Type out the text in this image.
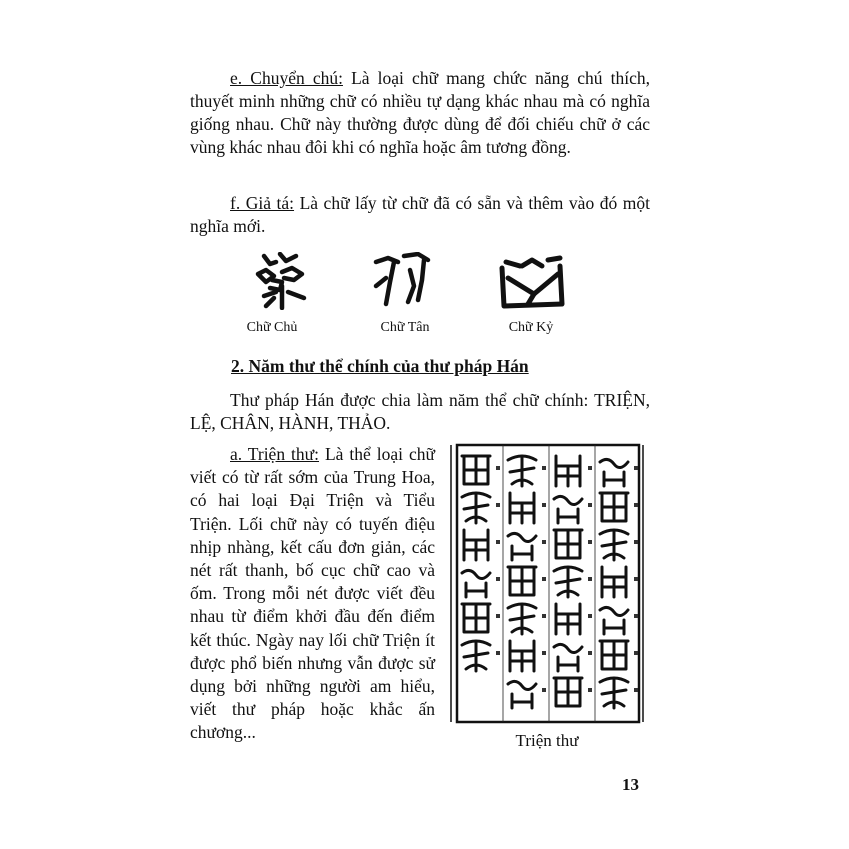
e. Chuyển chú: Là loại chữ mang chức năng chú thích, thuyết minh những chữ có nhiều tự dạng khác nhau mà có nghĩa giống nhau. Chữ này thường được dùng để đối chiếu chữ ở các vùng khác nhau đôi khi có nghĩa hoặc âm tương đồng.

f. Giả tá: Là chữ lấy từ chữ đã có sẵn và thêm vào đó một nghĩa mới.

Chữ Chủ	Chữ Tân	Chữ Kỷ
2. Năm thư thể chính của thư pháp Hán

Thư pháp Hán được chia làm năm thể chữ chính: TRIỆN, LỆ, CHÂN, HÀNH, THẢO.

a. Triện thư: Là thể loại chữ viết có từ rất sớm của Trung Hoa, có hai loại Đại Triện và Tiểu Triện. Lối chữ này có tuyến điệu nhịp nhàng, kết cấu đơn giản, các nét rất thanh, bố cục chữ cao và ốm. Trong mỗi nét được viết đều nhau từ điểm khởi đầu đến điểm kết thúc. Ngày nay lối chữ Triện ít được phổ biến nhưng vẫn được sử dụng bởi những người am hiểu, viết thư pháp hoặc khắc ấn chương...	Triện thư
13
